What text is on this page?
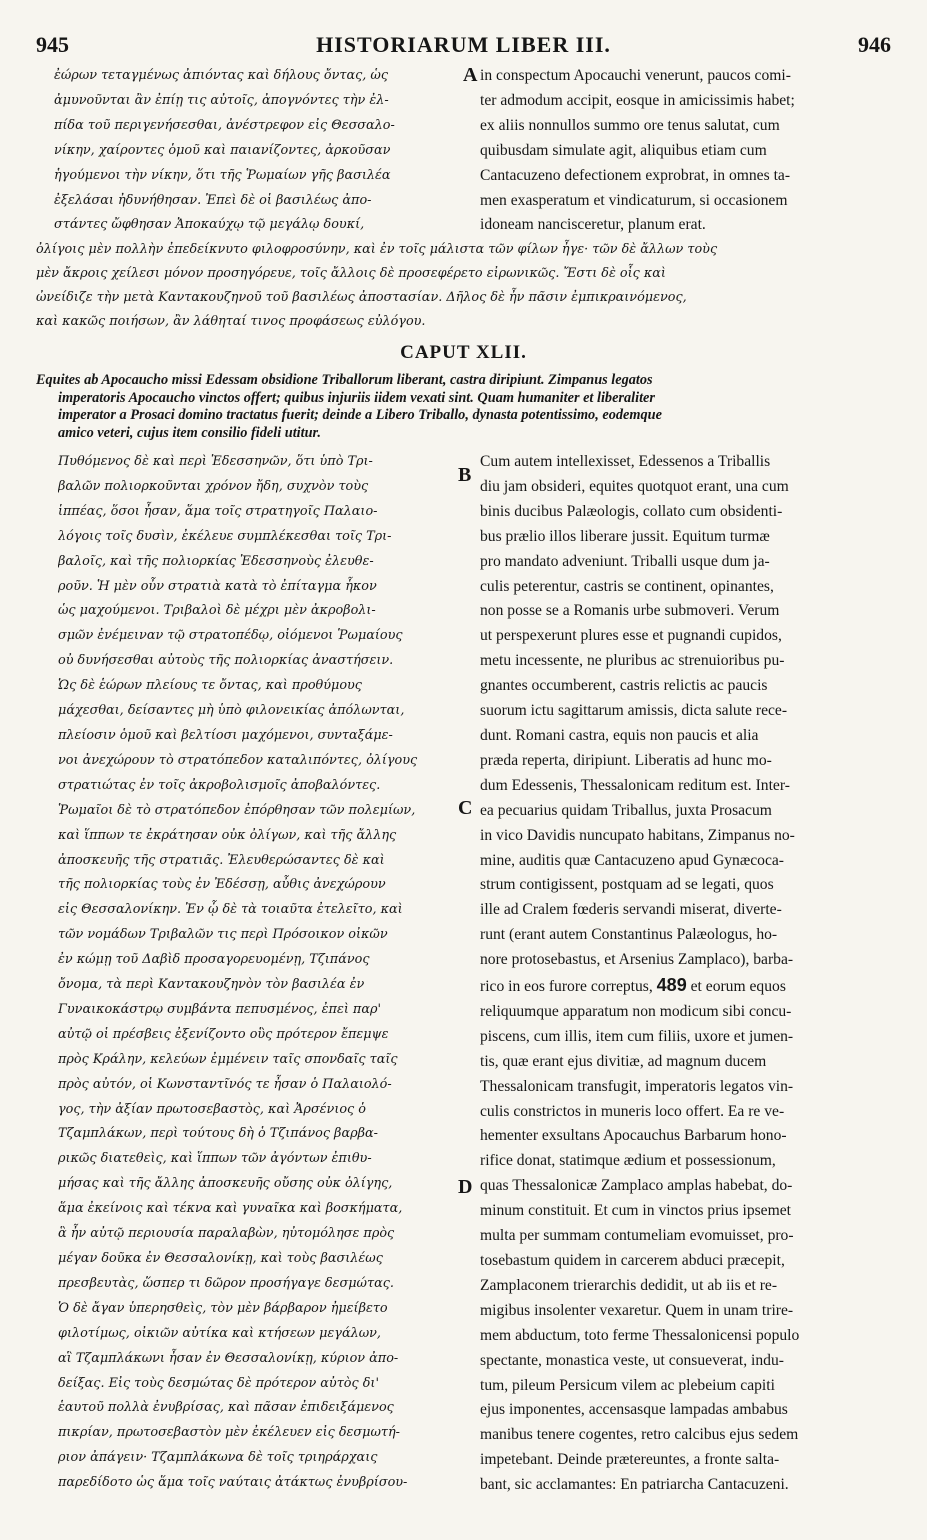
945	HISTORIARUM LIBER III.	946
ἐώρων τεταγμένως ἀπιόντας καὶ δήλους ὄντας, ὡς
ἀμυνοῦνται ἂν ἐπίῃ τις αὐτοῖς, ἀπογνόντες τὴν ἐλ-
πίδα τοῦ περιγενήσεσθαι, ἀνέστρεφον εἰς Θεσσαλο-
νίκην, χαίροντες ὁμοῦ καὶ παιανίζοντες, ἀρκοῦσαν
ἡγούμενοι τὴν νίκην, ὅτι τῆς Ῥωμαίων γῆς βασιλέα
ἐξελάσαι ἠδυνήθησαν. Ἐπεὶ δὲ οἱ βασιλέως ἀπο-
στάντες ὤφθησαν Ἀποκαύχῳ τῷ μεγάλῳ δουκί,
A in conspectum Apocauchi venerunt, paucos comi-
ter admodum accipit, eosque in amicissimis habet;
ex aliis nonnullos summo ore tenus salutat, cum
quibusdam simulate agit, aliquibus etiam cum
Cantacuzeno defectionem exprobrat, in omnes ta-
men exasperatum et vindicaturum, si occasionem
idoneam nancisceretur, planum erat.
ὀλίγοις μὲν πολλὴν ἐπεδείκνυτο φιλοφροσύνην, καὶ ἐν τοῖς μάλιστα τῶν φίλων ἦγε· τῶν δὲ ἄλλων τοὺς
μὲν ἄκροις χείλεσι μόνον προσηγόρευε, τοῖς ἄλλοις δὲ προσεφέρετο εἰρωνικῶς. Ἔστι δὲ οἷς καὶ
ὠνείδιζε τὴν μετὰ Καντακουζηνοῦ τοῦ βασιλέως ἀποστασίαν. Δῆλος δὲ ἦν πᾶσιν ἐμπικραινόμενος,
καὶ κακῶς ποιήσων, ἂν λάθηταί τινος προφάσεως εὐλόγου.
CAPUT XLII.
Equites ab Apocaucho missi Edessam obsidione Triballorum liberant, castra diripiunt. Zimpanus legatos
imperatoris Apocaucho vinctos offert; quibus injuriis iidem vexati sint. Quam humaniter et liberaliter
imperator a Prosaci domino tractatus fuerit; deinde a Libero Triballo, dynasta potentissimo, eodemque
amico veteri, cujus item consilio fideli utitur.
Πυθόμενος δὲ καὶ περὶ Ἐδεσσηνῶν, ὅτι ὑπὸ Τρι-
βαλῶν πολιορκοῦνται χρόνον ἤδη, συχνὸν τοὺς
ἱππέας, ὅσοι ἦσαν, ἅμα τοῖς στρατηγοῖς Παλαιο-
λόγοις τοῖς δυσὶν, ἐκέλευε συμπλέκεσθαι τοῖς Τρι-
βαλοῖς, καὶ τῆς πολιορκίας Ἐδεσσηνοὺς ἐλευθε-
ροῦν. Ἡ μὲν οὖν στρατιὰ κατὰ τὸ ἐπίταγμα ἧκον
ὡς μαχούμενοι. Τριβαλοὶ δὲ μέχρι μὲν ἀκροβολι-
σμῶν ἐνέμειναν τῷ στρατοπέδῳ, οἰόμενοι Ῥωμαίους
οὐ δυνήσεσθαι αὐτοὺς τῆς πολιορκίας ἀναστήσειν.
Ὡς δὲ ἑώρων πλείους τε ὄντας, καὶ προθύμους
μάχεσθαι, δείσαντες μὴ ὑπὸ φιλονεικίας ἀπόλωνται,
πλείοσιν ὁμοῦ καὶ βελτίοσι μαχόμενοι, συνταξάμε-
νοι ἀνεχώρουν τὸ στρατόπεδον καταλιπόντες, ὀλίγους
στρατιώτας ἐν τοῖς ἀκροβολισμοῖς ἀποβαλόντες.
Ῥωμαῖοι δὲ τὸ στρατόπεδον ἐπόρθησαν τῶν πολεμίων,
καὶ ἵππων τε ἐκράτησαν οὐκ ὀλίγων, καὶ τῆς ἄλλης
ἀποσκευῆς τῆς στρατιᾶς. Ἐλευθερώσαντες δὲ καὶ
τῆς πολιορκίας τοὺς ἐν Ἐδέσσῃ, αὖθις ἀνεχώρουν
εἰς Θεσσαλονίκην. Ἐν ᾧ δὲ τὰ τοιαῦτα ἐτελεῖτο, καὶ
τῶν νομάδων Τριβαλῶν τις περὶ Πρόσοικον οἰκῶν
ἐν κώμῃ τοῦ Δαβὶδ προσαγορευομένῃ, Τζιπάνος
ὄνομα, τὰ περὶ Καντακουζηνὸν τὸν βασιλέα ἐν
Γυναικοκάστρῳ συμβάντα πεπυσμένος, ἐπεὶ παρ'
αὐτῷ οἱ πρέσβεις ἐξενίζοντο οὓς πρότερον ἔπεμψε
πρὸς Κράλην, κελεύων ἐμμένειν ταῖς σπονδαῖς ταῖς
πρὸς αὐτόν, οἱ Κωνσταντῖνός τε ἦσαν ὁ Παλαιολό-
γος, τὴν ἀξίαν πρωτοσεβαστὸς, καὶ Ἀρσένιος ὁ
Τζαμπλάκων, περὶ τούτους δὴ ὁ Τζιπάνος βαρβα-
ρικῶς διατεθεὶς, καὶ ἵππων τῶν ἀγόντων ἐπιθυ-
μήσας καὶ τῆς ἄλλης ἀποσκευῆς οὔσης οὐκ ὀλίγης,
ἅμα ἐκείνοις καὶ τέκνα καὶ γυναῖκα καὶ βοσκήματα,
ἃ ἦν αὐτῷ περιουσία παραλαβὼν, ηὐτομόλησε πρὸς
μέγαν δοῦκα ἐν Θεσσαλονίκῃ, καὶ τοὺς βασιλέως
πρεσβευτὰς, ὥσπερ τι δῶρον προσήγαγε δεσμώτας.
Ὁ δὲ ἄγαν ὑπερησθεὶς, τὸν μὲν βάρβαρον ἠμείβετο
φιλοτίμως, οἰκιῶν αὐτίκα καὶ κτήσεων μεγάλων,
αἳ Τζαμπλάκωνι ἦσαν ἐν Θεσσαλονίκῃ, κύριον ἀπο-
δείξας. Εἰς τοὺς δεσμώτας δὲ πρότερον αὐτὸς δι'
ἑαυτοῦ πολλὰ ἐνυβρίσας, καὶ πᾶσαν ἐπιδειξάμενος
πικρίαν, πρωτοσεβαστὸν μὲν ἐκέλευεν εἰς δεσμωτή-
ριον ἀπάγειν· Τζαμπλάκωνα δὲ τοῖς τριηράρχαις
παρεδίδοτο ὡς ἅμα τοῖς ναύταις ἀτάκτως ἐνυβρίσου-
B
C
D
Cum autem intellexisset, Edessenos a Triballis
diu jam obsideri, equites quotquot erant, una cum
binis ducibus Palæologis, collato cum obsidenti-
bus prælio illos liberare jussit. Equitum turmæ
pro mandato adveniunt. Triballi usque dum ja-
culis peterentur, castris se continent, opinantes,
non posse se a Romanis urbe submoveri. Verum
ut perspexerunt plures esse et pugnandi cupidos,
metu incessente, ne pluribus ac strenuioribus pu-
gnantes occumberent, castris relictis ac paucis
suorum ictu sagittarum amissis, dicta salute rece-
dunt. Romani castra, equis non paucis et alia
præda reperta, diripiunt. Liberatis ad hunc mo-
dum Edessenis, Thessalonicam reditum est. Inter-
ea pecuarius quidam Triballus, juxta Prosacum
in vico Davidis nuncupato habitans, Zimpanus no-
mine, auditis quæ Cantacuzeno apud Gynæcoca-
strum contigissent, postquam ad se legati, quos
ille ad Cralem fœderis servandi miserat, diverte-
runt (erant autem Constantinus Palæologus, ho-
nore protosebastus, et Arsenius Zamplaco), barba-
rico in eos furore correptus, 489 et eorum equos
reliquumque apparatum non modicum sibi concu-
piscens, cum illis, item cum filiis, uxore et jumen-
tis, quæ erant ejus divitiæ, ad magnum ducem
Thessalonicam transfugit, imperatoris legatos vin-
culis constrictos in muneris loco offert. Ea re ve-
hementer exsultans Apocauchus Barbarum hono-
rifice donat, statimque ædium et possessionum,
quas Thessalonicæ Zamplaco amplas habebat, do-
minum constituit. Et cum in vinctos prius ipsemet
multa per summam contumeliam evomuisset, pro-
tosebastum quidem in carcerem abduci præcepit,
Zamplaconem trierarchis dedidit, ut ab iis et re-
migibus insolenter vexaretur. Quem in unam trire-
mem abductum, toto ferme Thessalonicensi populo
spectante, monastica veste, ut consueverat, indu-
tum, pileum Persicum vilem ac plebeium capiti
ejus imponentes, accensasque lampadas ambabus
manibus tenere cogentes, retro calcibus ejus sedem
impetebant. Deinde prætereuntes, a fronte salta-
bant, sic acclamantes: En patriarcha Cantacuzeni.
